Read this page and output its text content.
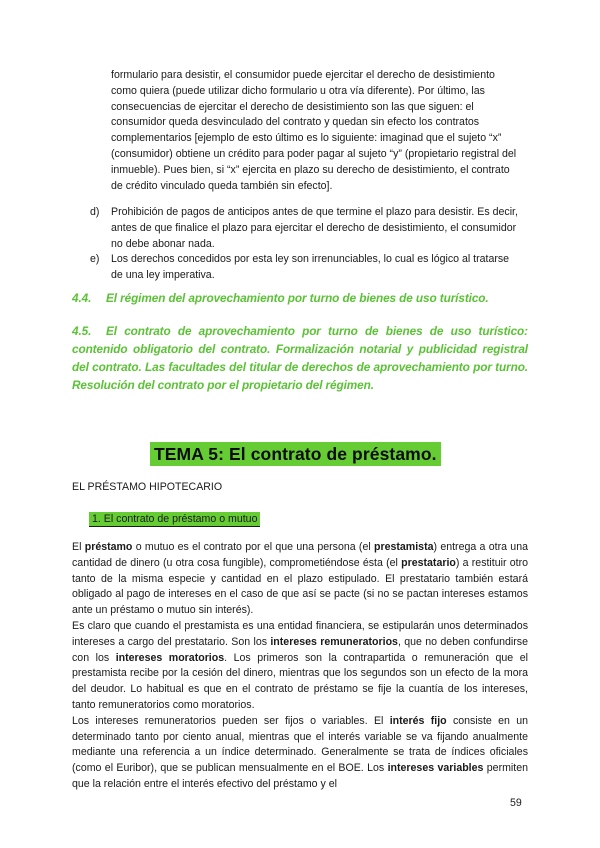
formulario para desistir, el consumidor puede ejercitar el derecho de desistimiento como quiera (puede utilizar dicho formulario u otra vía diferente). Por último, las consecuencias de ejercitar el derecho de desistimiento son las que siguen: el consumidor queda desvinculado del contrato y quedan sin efecto los contratos complementarios [ejemplo de esto último es lo siguiente: imaginad que el sujeto “x” (consumidor) obtiene un crédito para poder pagar al sujeto “y” (propietario registral del inmueble). Pues bien, si “x” ejercita en plazo su derecho de desistimiento, el contrato de crédito vinculado queda también sin efecto].

d) Prohibición de pagos de anticipos antes de que termine el plazo para desistir. Es decir, antes de que finalice el plazo para ejercitar el derecho de desistimiento, el consumidor no debe abonar nada.

e) Los derechos concedidos por esta ley son irrenunciables, lo cual es lógico al tratarse de una ley imperativa.

4.4. El régimen del aprovechamiento por turno de bienes de uso turístico.

4.5. El contrato de aprovechamiento por turno de bienes de uso turístico: contenido obligatorio del contrato. Formalización notarial y publicidad registral del contrato. Las facultades del titular de derechos de aprovechamiento por turno. Resolución del contrato por el propietario del régimen.

TEMA 5: El contrato de préstamo.
EL PRÉSTAMO HIPOTECARIO
1. El contrato de préstamo o mutuo
El préstamo o mutuo es el contrato por el que una persona (el prestamista) entrega a otra una cantidad de dinero (u otra cosa fungible), comprometiéndose ésta (el prestatario) a restituir otro tanto de la misma especie y cantidad en el plazo estipulado. El prestatario también estará obligado al pago de intereses en el caso de que así se pacte (si no se pactan intereses estamos ante un préstamo o mutuo sin interés).
Es claro que cuando el prestamista es una entidad financiera, se estipularán unos determinados intereses a cargo del prestatario. Son los intereses remuneratorios, que no deben confundirse con los intereses moratorios. Los primeros son la contrapartida o remuneración que el prestamista recibe por la cesión del dinero, mientras que los segundos son un efecto de la mora del deudor. Lo habitual es que en el contrato de préstamo se fije la cuantía de los intereses, tanto remuneratorios como moratorios.
Los intereses remuneratorios pueden ser fijos o variables. El interés fijo consiste en un determinado tanto por ciento anual, mientras que el interés variable se va fijando anualmente mediante una referencia a un índice determinado. Generalmente se trata de índices oficiales (como el Euribor), que se publican mensualmente en el BOE. Los intereses variables permiten que la relación entre el interés efectivo del préstamo y el
59
